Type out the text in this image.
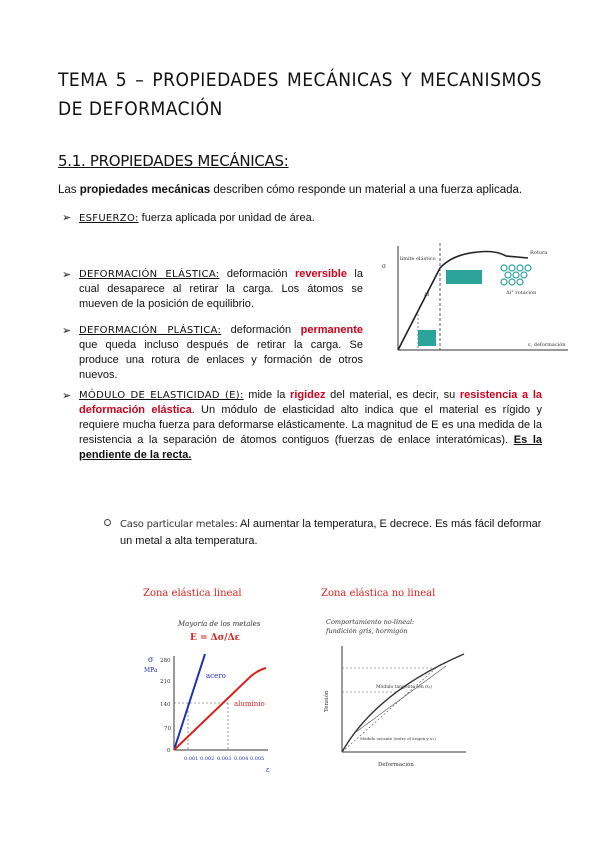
TEMA 5 – PROPIEDADES MECÁNICAS Y MECANISMOS DE DEFORMACIÓN
5.1. PROPIEDADES MECÁNICAS:
Las propiedades mecánicas describen cómo responde un material a una fuerza aplicada.
➢ ESFUERZO: fuerza aplicada por unidad de área.
➢ DEFORMACIÓN ELÁSTICA: deformación reversible la cual desaparece al retirar la carga. Los átomos se mueven de la posición de equilibrio.
➢ DEFORMACIÓN PLÁSTICA: deformación permanente que queda incluso después de retirar la carga. Se produce una rotura de enlaces y formación de otros nuevos.
límite elástico
Rotura
σ
ε, deformación
Δl	Δl° rotación
➢ MÓDULO DE ELASTICIDAD (E): mide la rigidez del material, es decir, su resistencia a la deformación elástica. Un módulo de elasticidad alto indica que el material es rígido y requiere mucha fuerza para deformarse elásticamente. La magnitud de E es una medida de la resistencia a la separación de átomos contiguos (fuerzas de enlace interatómicas). Es la pendiente de la recta.
Caso particular metales: Al aumentar la temperatura, E decrece. Es más fácil deformar un metal a alta temperatura.
Zona elástica lineal
Mayoría de los metales
E = Δσ/Δε
σ
MPa
280
210
140
70
0
0.001 0.002 0.003 0.004 0.005
acero
aluminio
ε
Zona elástica no lineal
Comportamiento no-lineal:
fundición gris, hormigón
Tensión
Deformación
Módulo tangente (en σ₂)
Módulo secante (entre el origen y σ₁)
